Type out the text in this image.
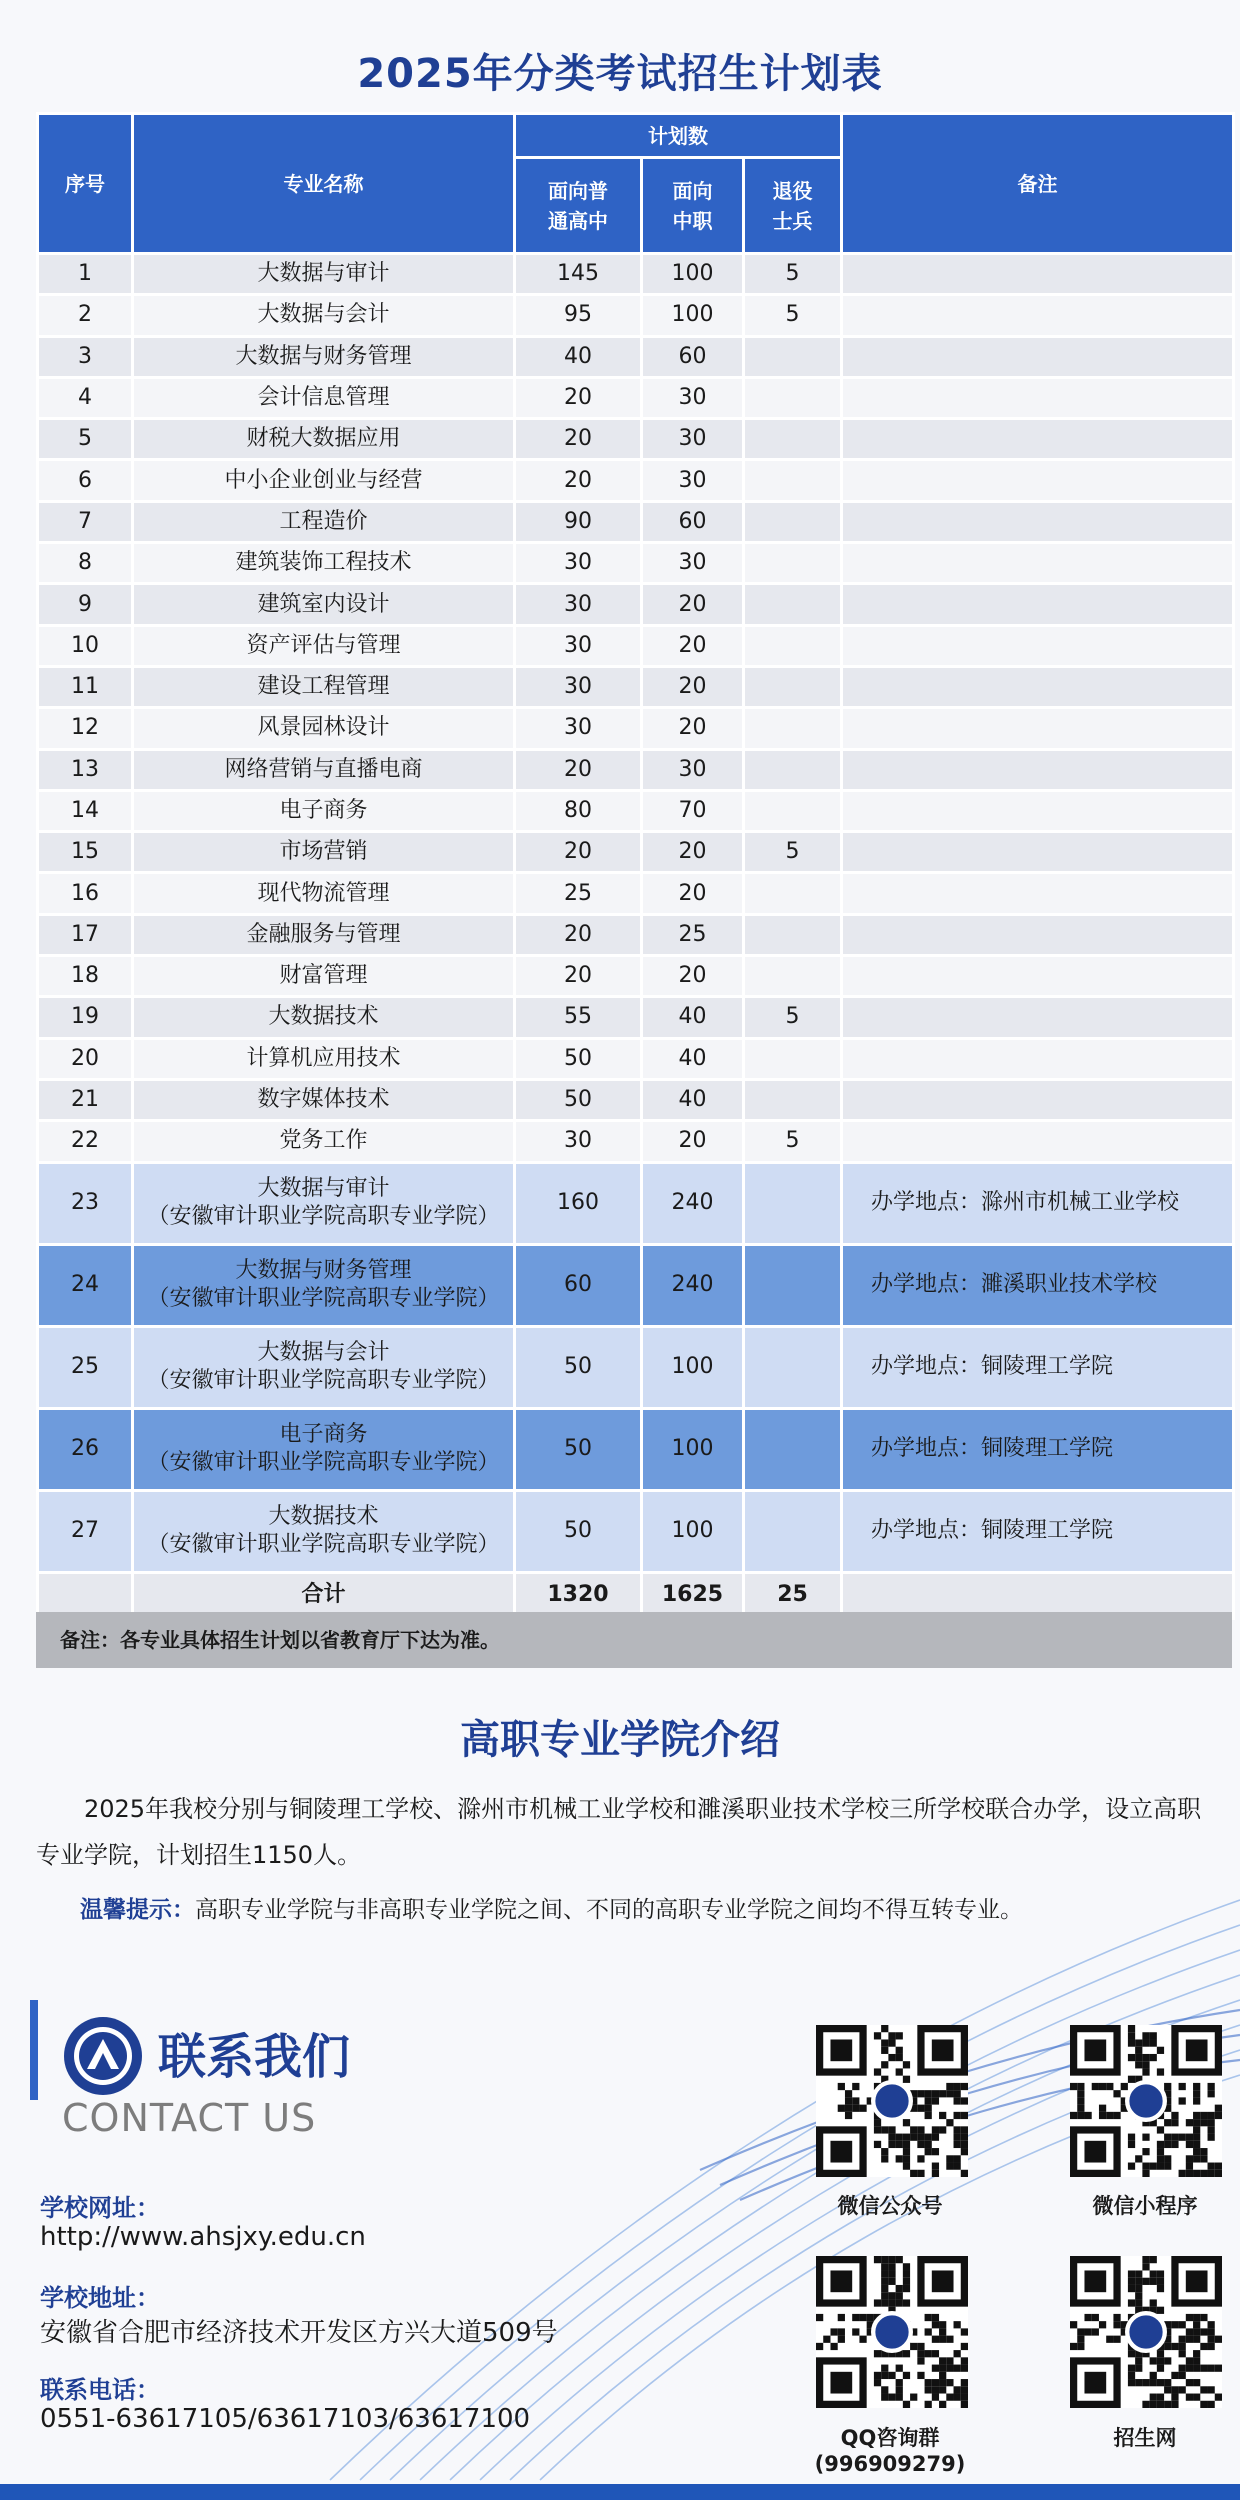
2025年分类考试招生计划表
序号	专业名称	计划数			备注
		面向普通高中	面向中职	退役士兵	
1	大数据与审计	145	100	5	
2	大数据与会计	95	100	5	
3	大数据与财务管理	40	60		
4	会计信息管理	20	30		
5	财税大数据应用	20	30		
6	中小企业创业与经营	20	30		
7	工程造价	90	60		
8	建筑装饰工程技术	30	30		
9	建筑室内设计	30	20		
10	资产评估与管理	30	20		
11	建设工程管理	30	20		
12	风景园林设计	30	20		
13	网络营销与直播电商	20	30		
14	电子商务	80	70		
15	市场营销	20	20	5	
16	现代物流管理	25	20		
17	金融服务与管理	20	25		
18	财富管理	20	20		
19	大数据技术	55	40	5	
20	计算机应用技术	50	40		
21	数字媒体技术	50	40		
22	党务工作	30	20	5	
23	大数据与审计
（安徽审计职业学院高职专业学院）	160	240		办学地点：滁州市机械工业学校
24	大数据与财务管理
（安徽审计职业学院高职专业学院）	60	240		办学地点：濉溪职业技术学校
25	大数据与会计
（安徽审计职业学院高职专业学院）	50	100		办学地点：铜陵理工学院
26	电子商务
（安徽审计职业学院高职专业学院）	50	100		办学地点：铜陵理工学院
27	大数据技术
（安徽审计职业学院高职专业学院）	50	100		办学地点：铜陵理工学院
	合计	1320	1625	25	
备注：各专业具体招生计划以省教育厅下达为准。
高职专业学院介绍
2025年我校分别与铜陵理工学校、滁州市机械工业学校和濉溪职业技术学校三所学校联合办学，设立高职专业学院，计划招生1150人。
温馨提示：高职专业学院与非高职专业学院之间、不同的高职专业学院之间均不得互转专业。
联系我们
CONTACT US
学校网址：
http://www.ahsjxy.edu.cn
学校地址：
安徽省合肥市经济技术开发区方兴大道509号
联系电话：
0551-63617105/63617103/63617100
微信公众号	微信小程序
QQ咨询群
(996909279)
招生网
